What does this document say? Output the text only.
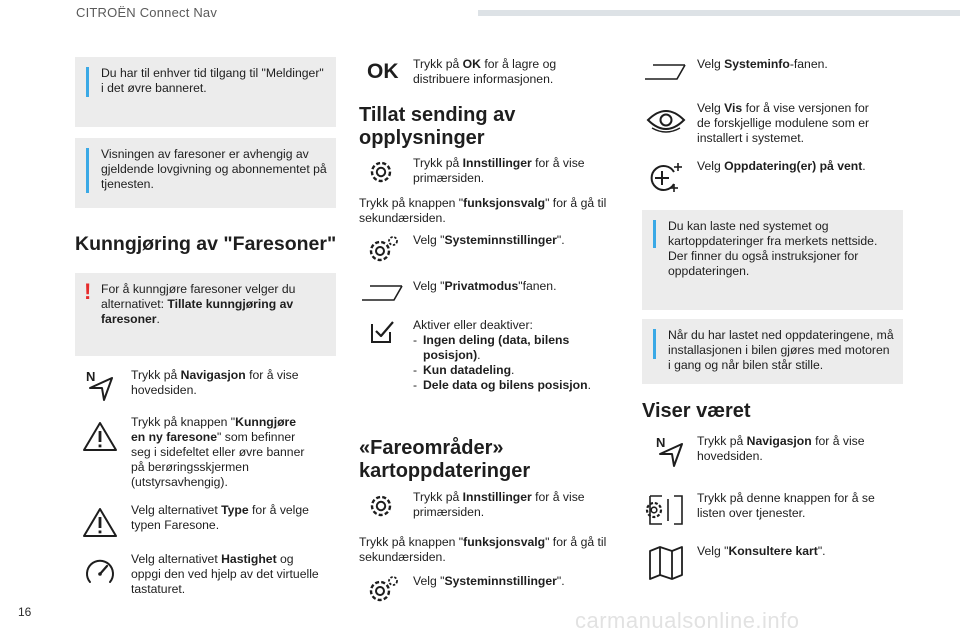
CITROËN Connect Nav
16	carmanualsonline.info
Du har til enhver tid tilgang til "Meldinger" i det øvre banneret.
Visningen av faresoner er avhengig av gjeldende lovgivning og abonnementet på tjenesten.
Kunngjøring av "Faresoner"
! For å kunngjøre faresoner velger du alternativet: Tillate kunngjøring av faresoner.
N	Trykk på Navigasjon for å vise hovedsiden.
Trykk på knappen "Kunngjøre en ny faresone" som befinner seg i sidefeltet eller øvre banner på berøringsskjermen (utstyrsavhengig).
Velg alternativet Type for å velge typen Faresone.
Velg alternativet Hastighet og oppgi den ved hjelp av det virtuelle tastaturet.
OK Trykk på OK for å lagre og distribuere informasjonen.
Tillat sending av opplysninger
Trykk på Innstillinger for å vise primærsiden.
Trykk på knappen "funksjonsvalg" for å gå til sekundærsiden.
Velg "Systeminnstillinger".
Velg "Privatmodus"fanen.
Aktiver eller deaktiver:
- Ingen deling (data, bilens posisjon).
- Kun datadeling.
- Dele data og bilens posisjon.
«Fareområder» kartoppdateringer
Trykk på Innstillinger for å vise primærsiden.
Trykk på knappen "funksjonsvalg" for å gå til sekundærsiden.
Velg "Systeminnstillinger".
Velg Systeminfo-fanen.
Velg Vis for å vise versjonen for de forskjellige modulene som er installert i systemet.
Velg Oppdatering(er) på vent.
Du kan laste ned systemet og kartoppdateringer fra merkets nettside. Der finner du også instruksjoner for oppdateringen.
Når du har lastet ned oppdateringene, må installasjonen i bilen gjøres med motoren i gang og når bilen står stille.
Viser været
N	Trykk på Navigasjon for å vise hovedsiden.
Trykk på denne knappen for å se listen over tjenester.
Velg "Konsultere kart".
